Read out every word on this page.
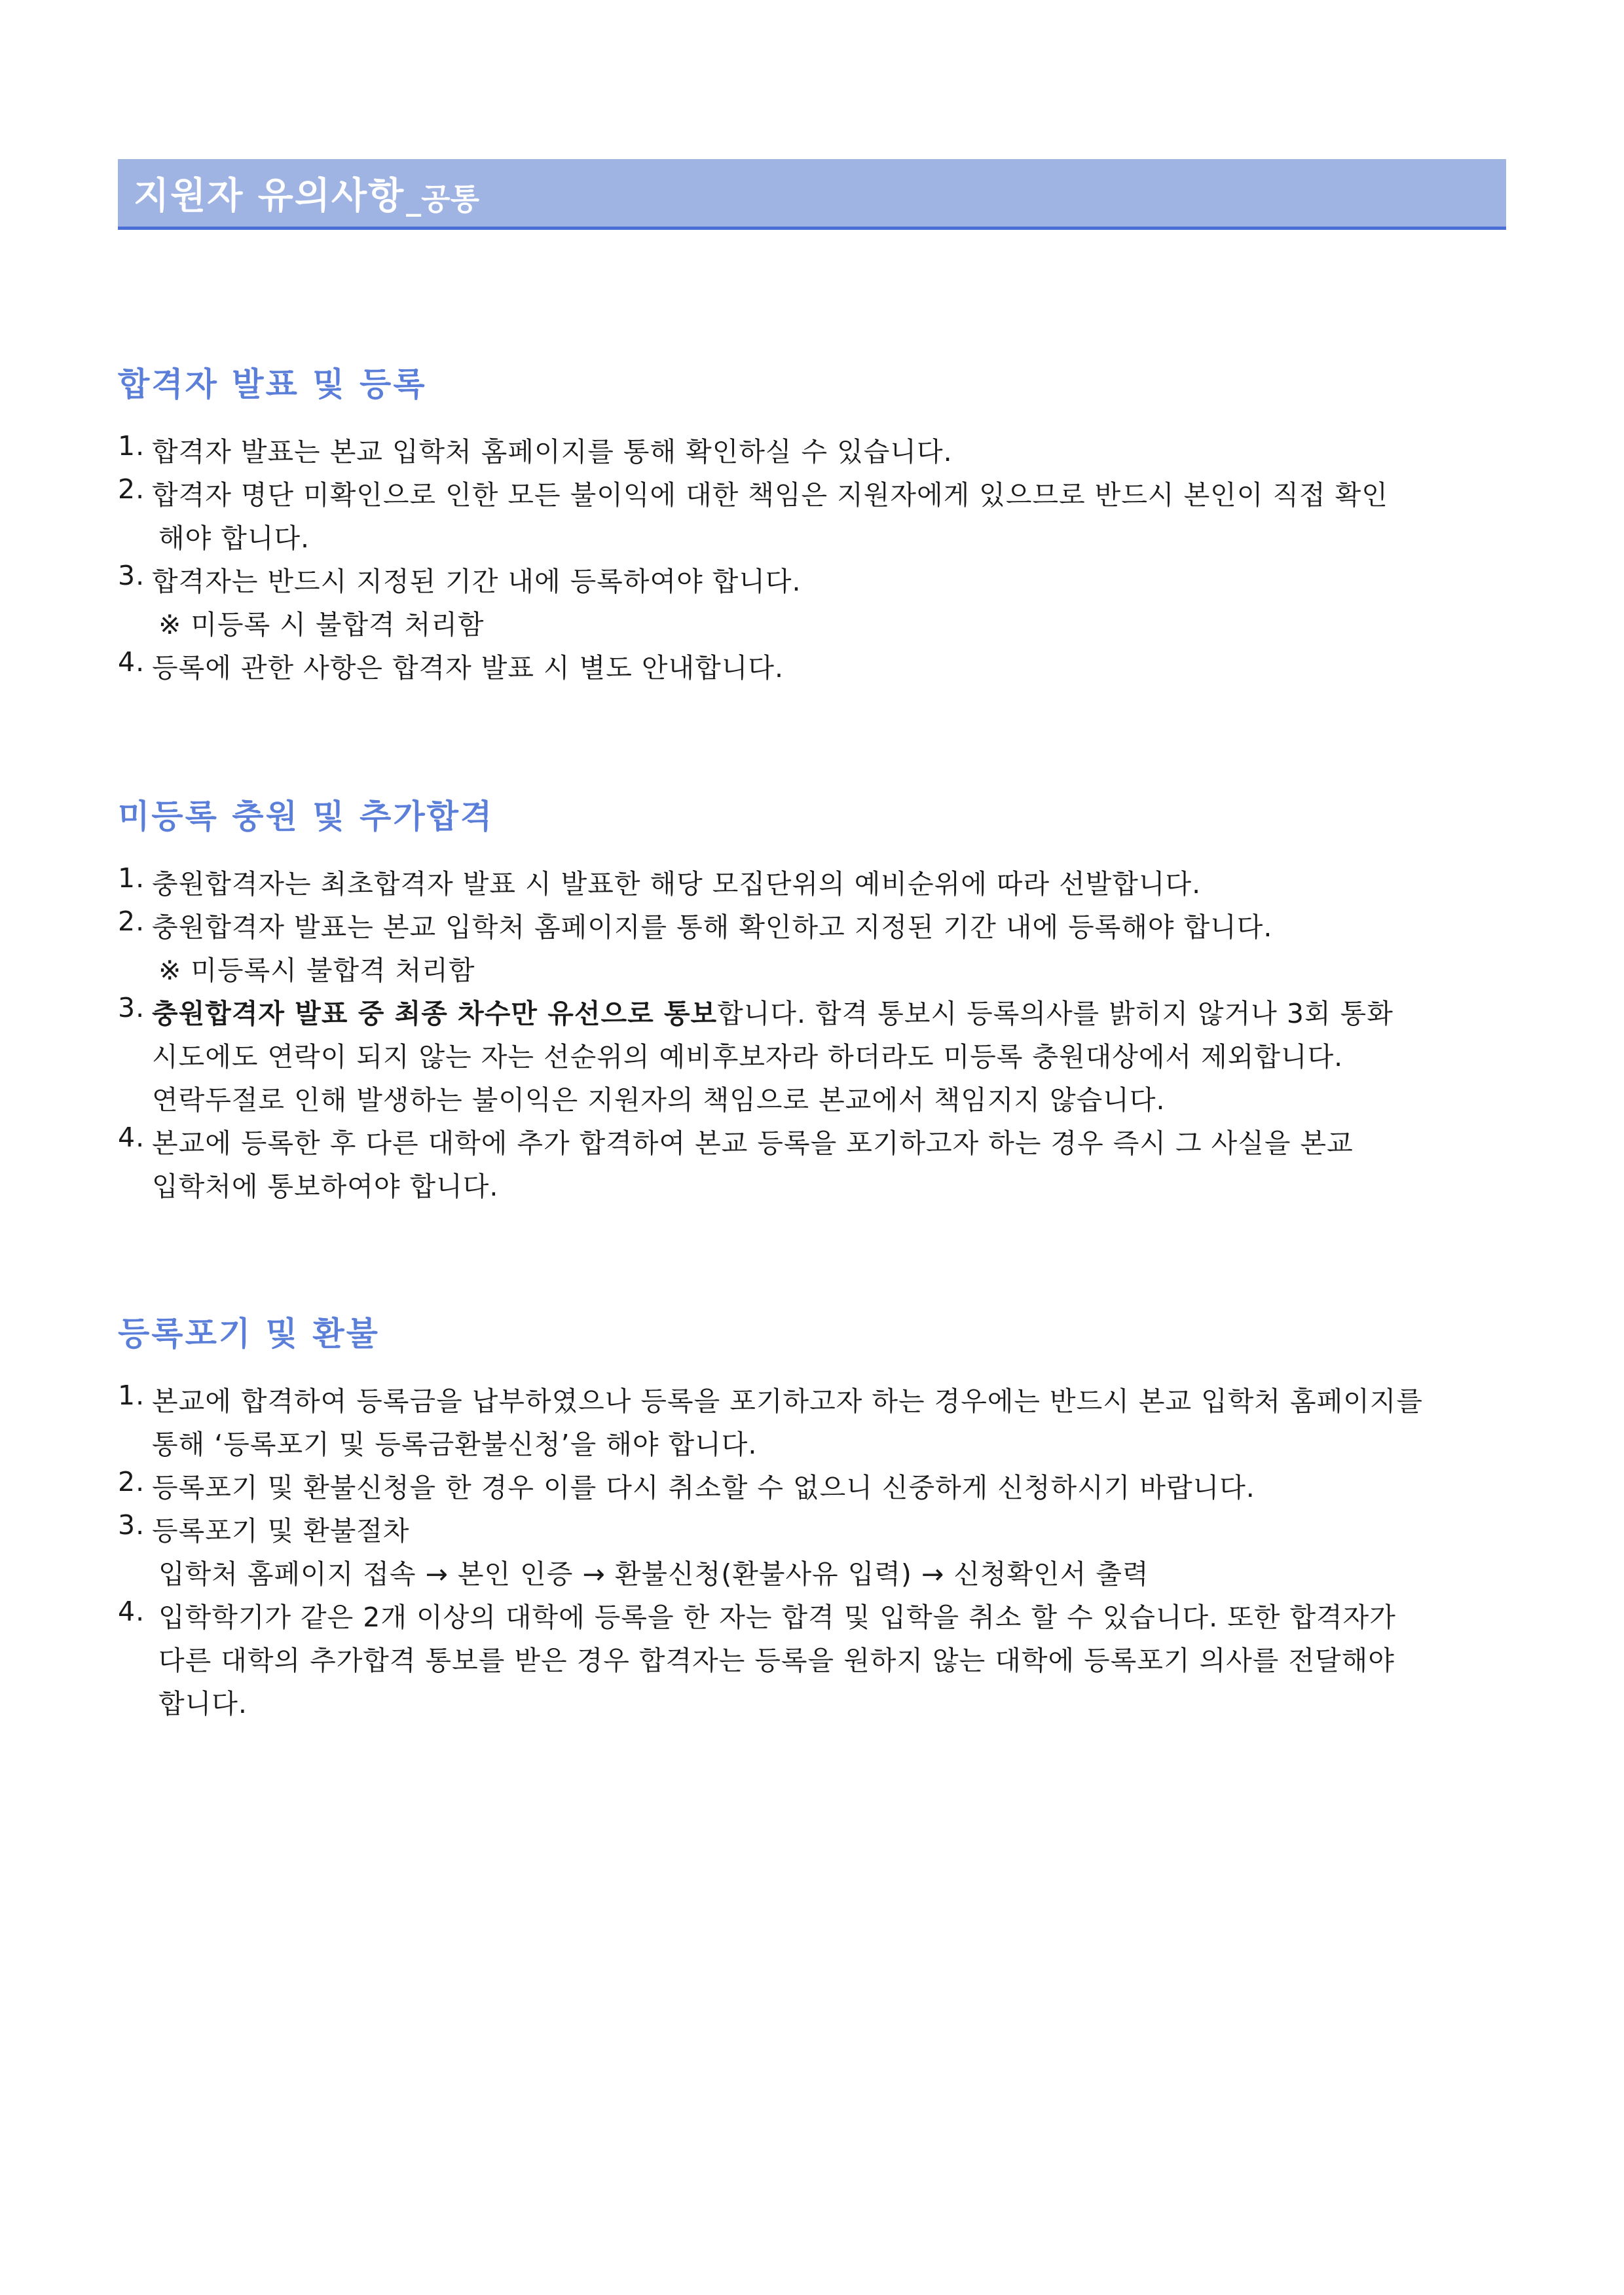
지원자 유의사항 _공통
합격자 발표 및 등록
1. 합격자 발표는 본교 입학처 홈페이지를 통해 확인하실 수 있습니다.
2. 합격자 명단 미확인으로 인한 모든 불이익에 대한 책임은 지원자에게 있으므로 반드시 본인이 직접 확인
해야 합니다.
3. 합격자는 반드시 지정된 기간 내에 등록하여야 합니다.
※ 미등록 시 불합격 처리함
4. 등록에 관한 사항은 합격자 발표 시 별도 안내합니다.
미등록 충원 및 추가합격
1. 충원합격자는 최초합격자 발표 시 발표한 해당 모집단위의 예비순위에 따라 선발합니다.
2. 충원합격자 발표는 본교 입학처 홈페이지를 통해 확인하고 지정된 기간 내에 등록해야 합니다.
※ 미등록시 불합격 처리함
3. 충원합격자 발표 중 최종 차수만 유선으로 통보합니다. 합격 통보시 등록의사를 밝히지 않거나 3회 통화
시도에도 연락이 되지 않는 자는 선순위의 예비후보자라 하더라도 미등록 충원대상에서 제외합니다.
연락두절로 인해 발생하는 불이익은 지원자의 책임으로 본교에서 책임지지 않습니다.
4. 본교에 등록한 후 다른 대학에 추가 합격하여 본교 등록을 포기하고자 하는 경우 즉시 그 사실을 본교
입학처에 통보하여야 합니다.
등록포기 및 환불
1. 본교에 합격하여 등록금을 납부하였으나 등록을 포기하고자 하는 경우에는 반드시 본교 입학처 홈페이지를
통해 ‘등록포기 및 등록금환불신청’을 해야 합니다.
2. 등록포기 및 환불신청을 한 경우 이를 다시 취소할 수 없으니 신중하게 신청하시기 바랍니다.
3. 등록포기 및 환불절차
입학처 홈페이지 접속 → 본인 인증 → 환불신청(환불사유 입력) → 신청확인서 출력
4. 입학학기가 같은 2개 이상의 대학에 등록을 한 자는 합격 및 입학을 취소 할 수 있습니다. 또한 합격자가
다른 대학의 추가합격 통보를 받은 경우 합격자는 등록을 원하지 않는 대학에 등록포기 의사를 전달해야
합니다.
